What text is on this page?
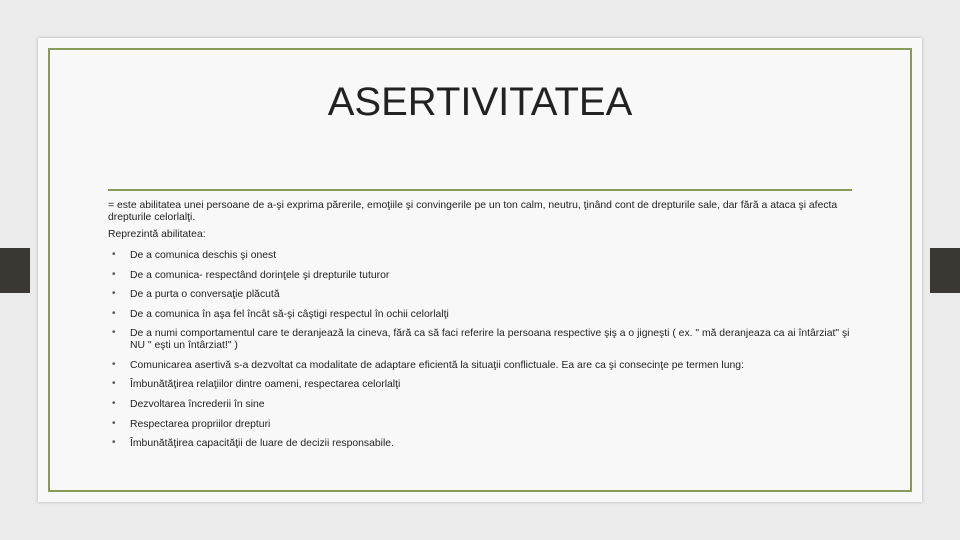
ASERTIVITATEA

= este abilitatea unei persoane de a-şi exprima părerile, emoţiile şi convingerile pe un ton calm, neutru, ţinând cont de drepturile sale, dar fără a ataca şi afecta drepturile celorlalţi.

Reprezintă abilitatea:

• De a comunica deschis şi onest
• De a comunica- respectând dorinţele şi drepturile tuturor
• De a purta o conversaţie plăcută
• De a comunica în aşa fel încât să-şi câştigi respectul în ochii celorlalţi
• De a numi comportamentul care te deranjează la cineva, fără ca să faci referire la persoana respective şiş a o jigneşti ( ex. " mă deranjeaza ca ai întârziat" şi NU " eşti un întârziat!" )
• Comunicarea asertivă s-a dezvoltat ca modalitate de adaptare eficientă la situaţii conflictuale. Ea are ca şi consecinţe pe termen lung:
• Îmbunătăţirea relaţiilor dintre oameni, respectarea celorlalţi
• Dezvoltarea încrederii în sine
• Respectarea propriilor drepturi
• Îmbunătăţirea capacităţii de luare de decizii responsabile.
